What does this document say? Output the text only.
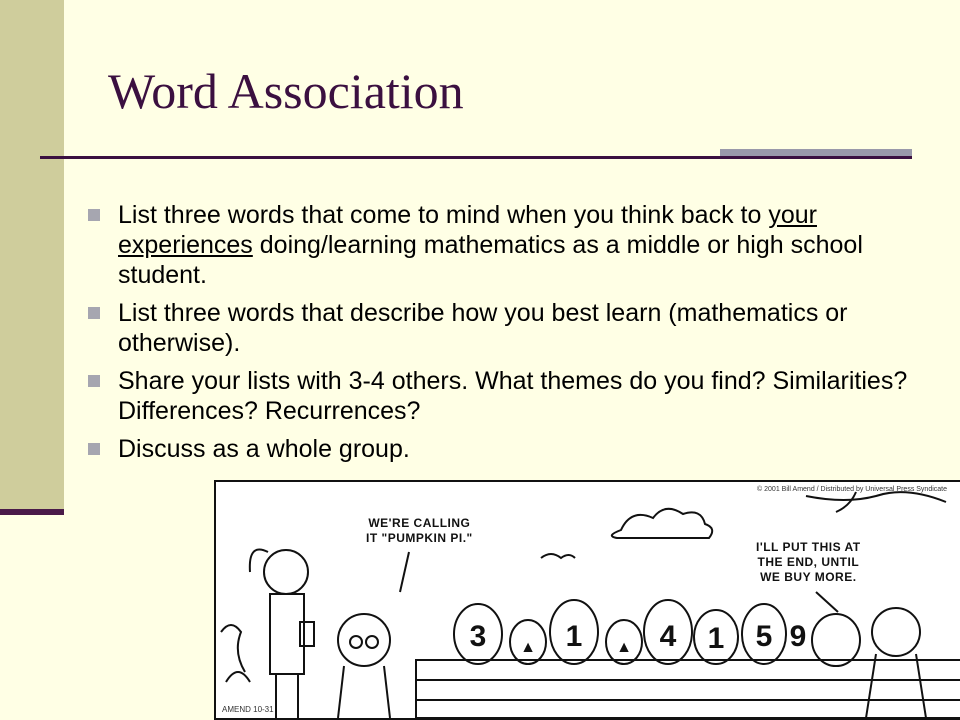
Word Association
List three words that come to mind when you think back to your experiences doing/learning mathematics as a middle or high school student.
List three words that describe how you best learn (mathematics or otherwise).
Share your lists with 3-4 others. What themes do you find? Similarities? Differences? Recurrences?
Discuss as a whole group.
3 ▲ 1 ▲ 4 1 5 9
WE'RE CALLING
IT "PUMPKIN PI."
I'LL PUT THIS AT
THE END, UNTIL
WE BUY MORE.
© 2001 Bill Amend / Distributed by Universal Press Syndicate
AMEND 10-31
